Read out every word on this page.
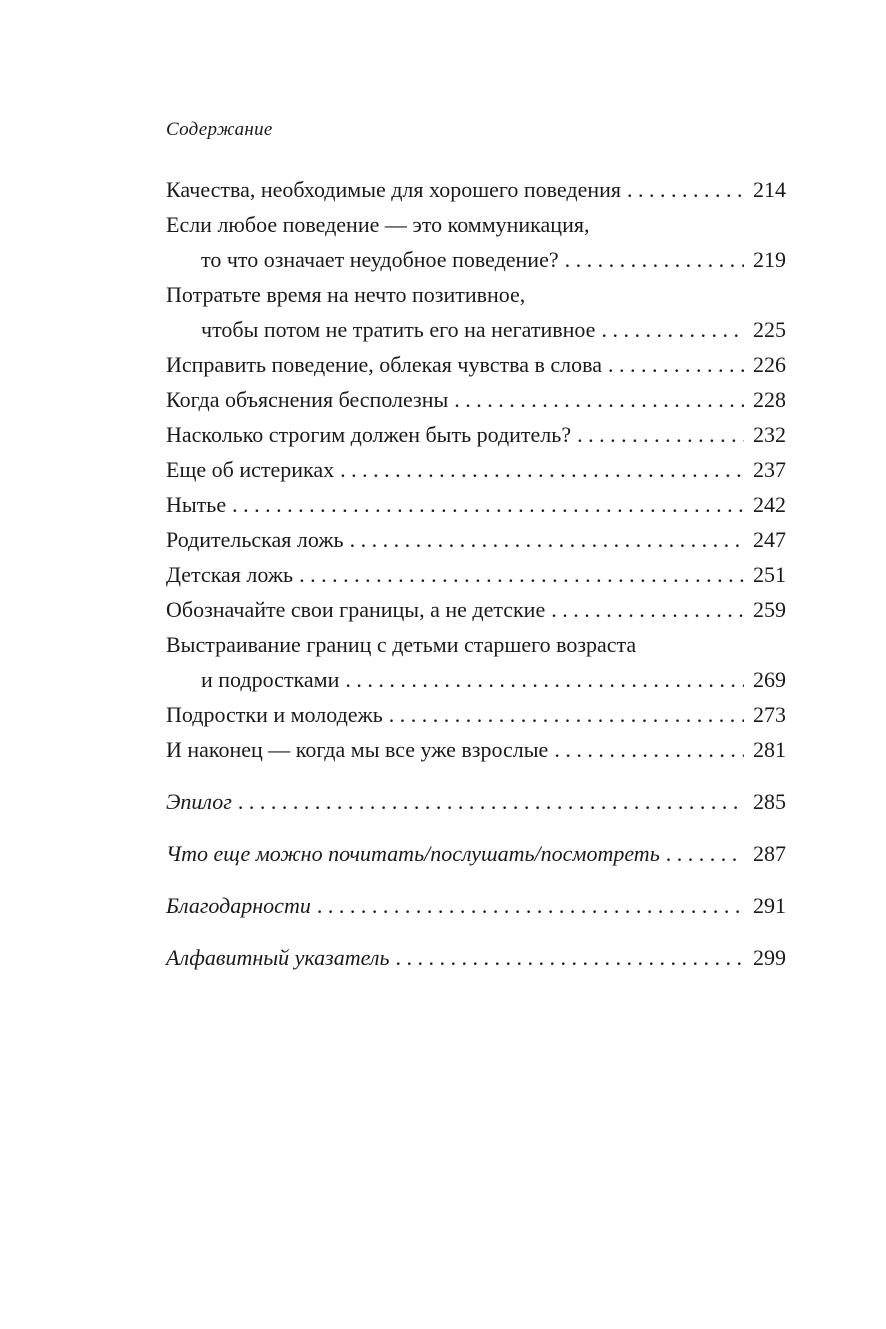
Содержание
Качества, необходимые для хорошего поведения . . .	214
Если любое поведение — это коммуникация,
то что означает неудобное поведение? . . .	219
Потратьте время на нечто позитивное,
чтобы потом не тратить его на негативное . . .	225
Исправить поведение, облекая чувства в слова . . .	226
Когда объяснения бесполезны . . .	228
Насколько строгим должен быть родитель? . . .	232
Еще об истериках . . .	237
Нытье . . .	242
Родительская ложь . . .	247
Детская ложь . . .	251
Обозначайте свои границы, а не детские . . .	259
Выстраивание границ с детьми старшего возраста
и подростками . . .	269
Подростки и молодежь . . .	273
И наконец — когда мы все уже взрослые . . .	281
Эпилог . . .	285
Что еще можно почитать/послушать/посмотреть . . .	287
Благодарности . . .	291
Алфавитный указатель . . .	299
